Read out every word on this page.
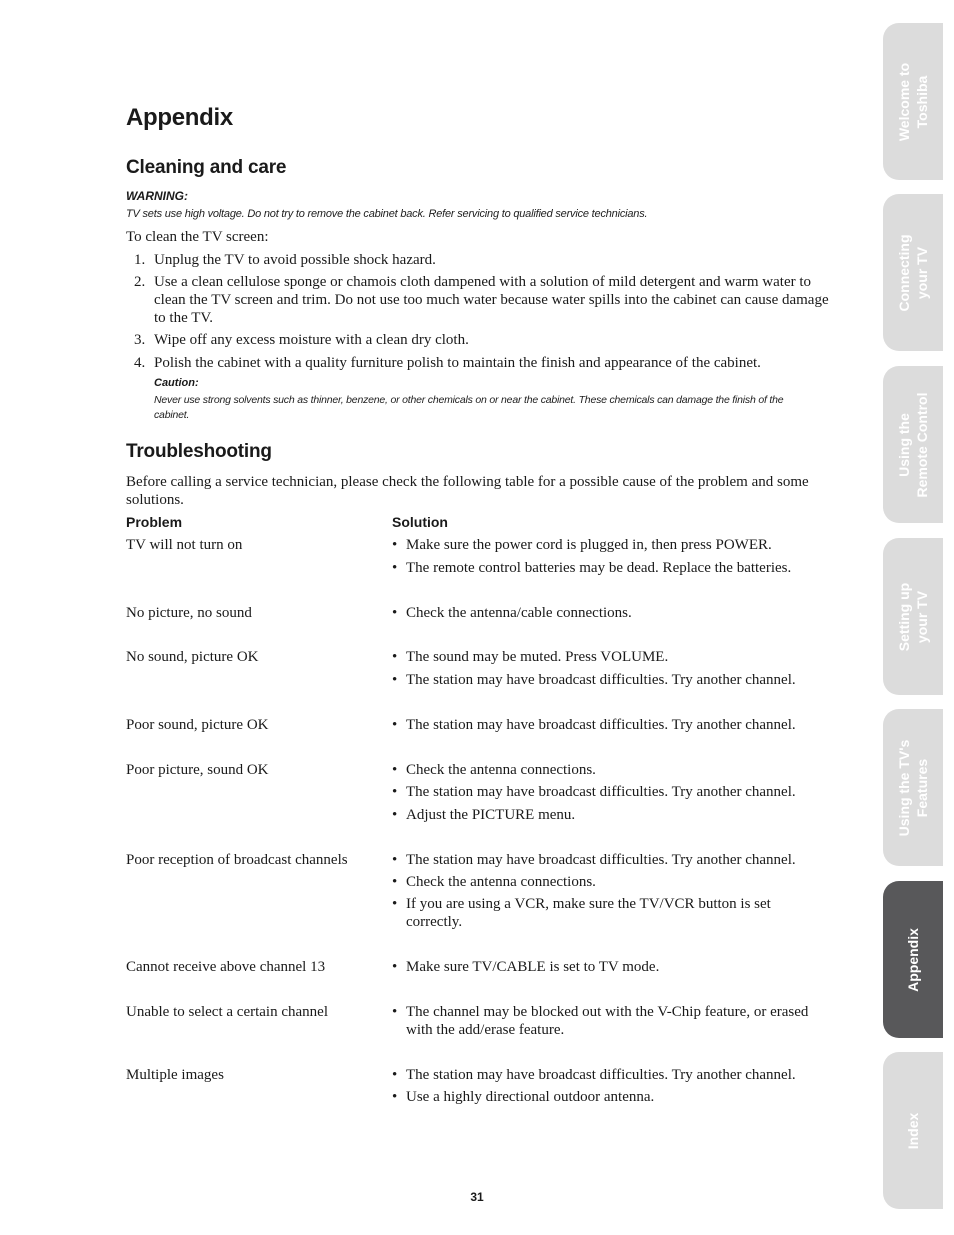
Appendix
Cleaning and care
WARNING:
TV sets use high voltage. Do not try to remove the cabinet back. Refer servicing to qualified service technicians.
To clean the TV screen:
1. Unplug the TV to avoid possible shock hazard.
2. Use a clean cellulose sponge or chamois cloth dampened with a solution of mild detergent and warm water to clean the TV screen and trim. Do not use too much water because water spills into the cabinet can cause damage to the TV.
3. Wipe off any excess moisture with a clean dry cloth.
4. Polish the cabinet with a quality furniture polish to maintain the finish and appearance of the cabinet.
Caution:
Never use strong solvents such as thinner, benzene, or other chemicals on or near the cabinet. These chemicals can damage the finish of the cabinet.
Troubleshooting
Before calling a service technician, please check the following table for a possible cause of the problem and some solutions.
Problem	Solution
TV will not turn on	• Make sure the power cord is plugged in, then press POWER.
• The remote control batteries may be dead. Replace the batteries.
No picture, no sound	• Check the antenna/cable connections.
No sound, picture OK	• The sound may be muted. Press VOLUME.
• The station may have broadcast difficulties. Try another channel.
Poor sound, picture OK	• The station may have broadcast difficulties. Try another channel.
Poor picture, sound OK	• Check the antenna connections.
• The station may have broadcast difficulties. Try another channel.
• Adjust the PICTURE menu.
Poor reception of broadcast channels	• The station may have broadcast difficulties. Try another channel.
• Check the antenna connections.
• If you are using a VCR, make sure the TV/VCR button is set correctly.
Cannot receive above channel 13	• Make sure TV/CABLE is set to TV mode.
Unable to select a certain channel	• The channel may be blocked out with the V-Chip feature, or erased with the add/erase feature.
Multiple images	• The station may have broadcast difficulties. Try another channel.
• Use a highly directional outdoor antenna.
31
Welcome to
Toshiba
Connecting
your TV
Using the
Remote Control
Setting up
your TV
Using the TV's
Features
Appendix
Index
